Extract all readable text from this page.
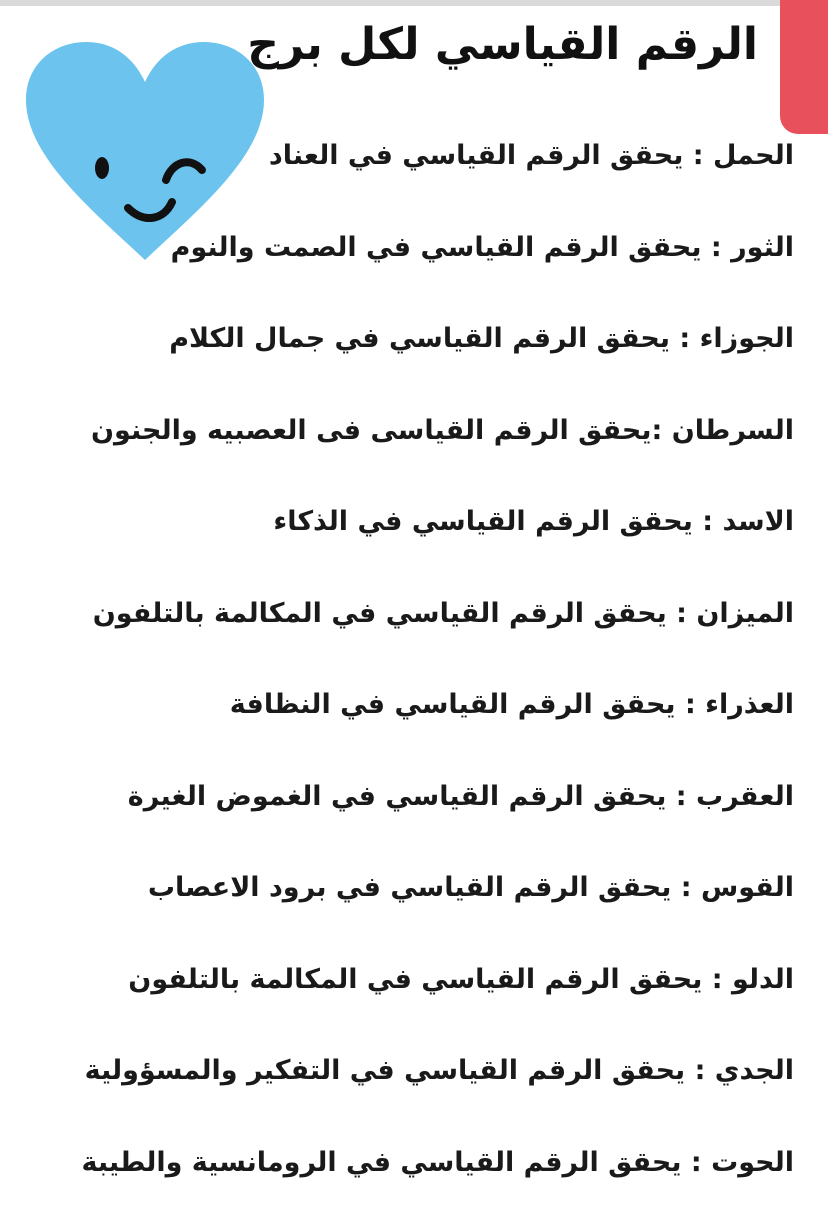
الرقم القياسي لكل برج
الحمل : يحقق الرقم القياسي في العناد
الثور : يحقق الرقم القياسي في الصمت والنوم
الجوزاء : يحقق الرقم القياسي في جمال الكلام
السرطان :يحقق الرقم القياسى فى العصبيه والجنون
الاسد : يحقق الرقم القياسي في الذكاء
الميزان : يحقق الرقم القياسي في المكالمة بالتلفون
العذراء : يحقق الرقم القياسي في النظافة
العقرب : يحقق الرقم القياسي في الغموض الغيرة
القوس : يحقق الرقم القياسي في برود الاعصاب
الدلو : يحقق الرقم القياسي في المكالمة بالتلفون
الجدي : يحقق الرقم القياسي في التفكير والمسؤولية
الحوت : يحقق الرقم القياسي في الرومانسية والطيبة
